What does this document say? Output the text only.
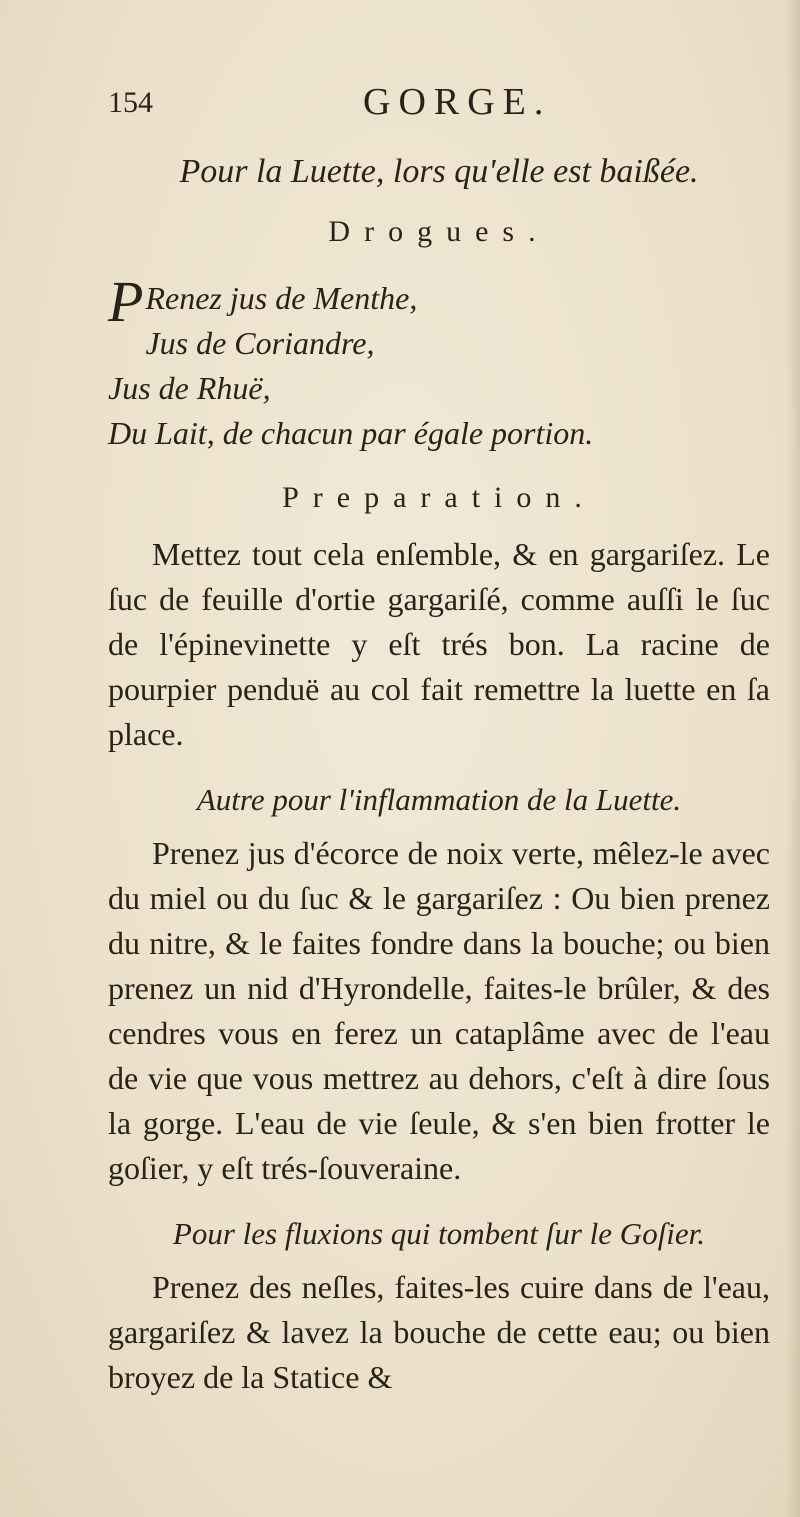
154	GORGE.
Pour la Luette, lors qu'elle est baißée.
Drogues.
P Renez jus de Menthe,
Jus de Coriandre,
Jus de Rhuë,
Du Lait, de chacun par égale portion.
Preparation.

Mettez tout cela enſemble, & en gargariſez. Le ſuc de feuille d'ortie gargariſé, comme auſſi le ſuc de l'épinevinette y eſt trés bon. La racine de pourpier penduë au col fait remettre la luette en ſa place.

Autre pour l'inflammation de la Luette.

Prenez jus d'écorce de noix verte, mêlez-le avec du miel ou du ſuc & le gargariſez : Ou bien prenez du nitre, & le faites fondre dans la bouche; ou bien prenez un nid d'Hyrondelle, faites-le brûler, & des cendres vous en ferez un cataplâme avec de l'eau de vie que vous mettrez au dehors, c'eſt à dire ſous la gorge. L'eau de vie ſeule, & s'en bien frotter le goſier, y eſt trés-ſouveraine.

Pour les fluxions qui tombent ſur le Goſier.

Prenez des neſles, faites-les cuire dans de l'eau, gargariſez & lavez la bouche de cette eau; ou bien broyez de la Statice &
